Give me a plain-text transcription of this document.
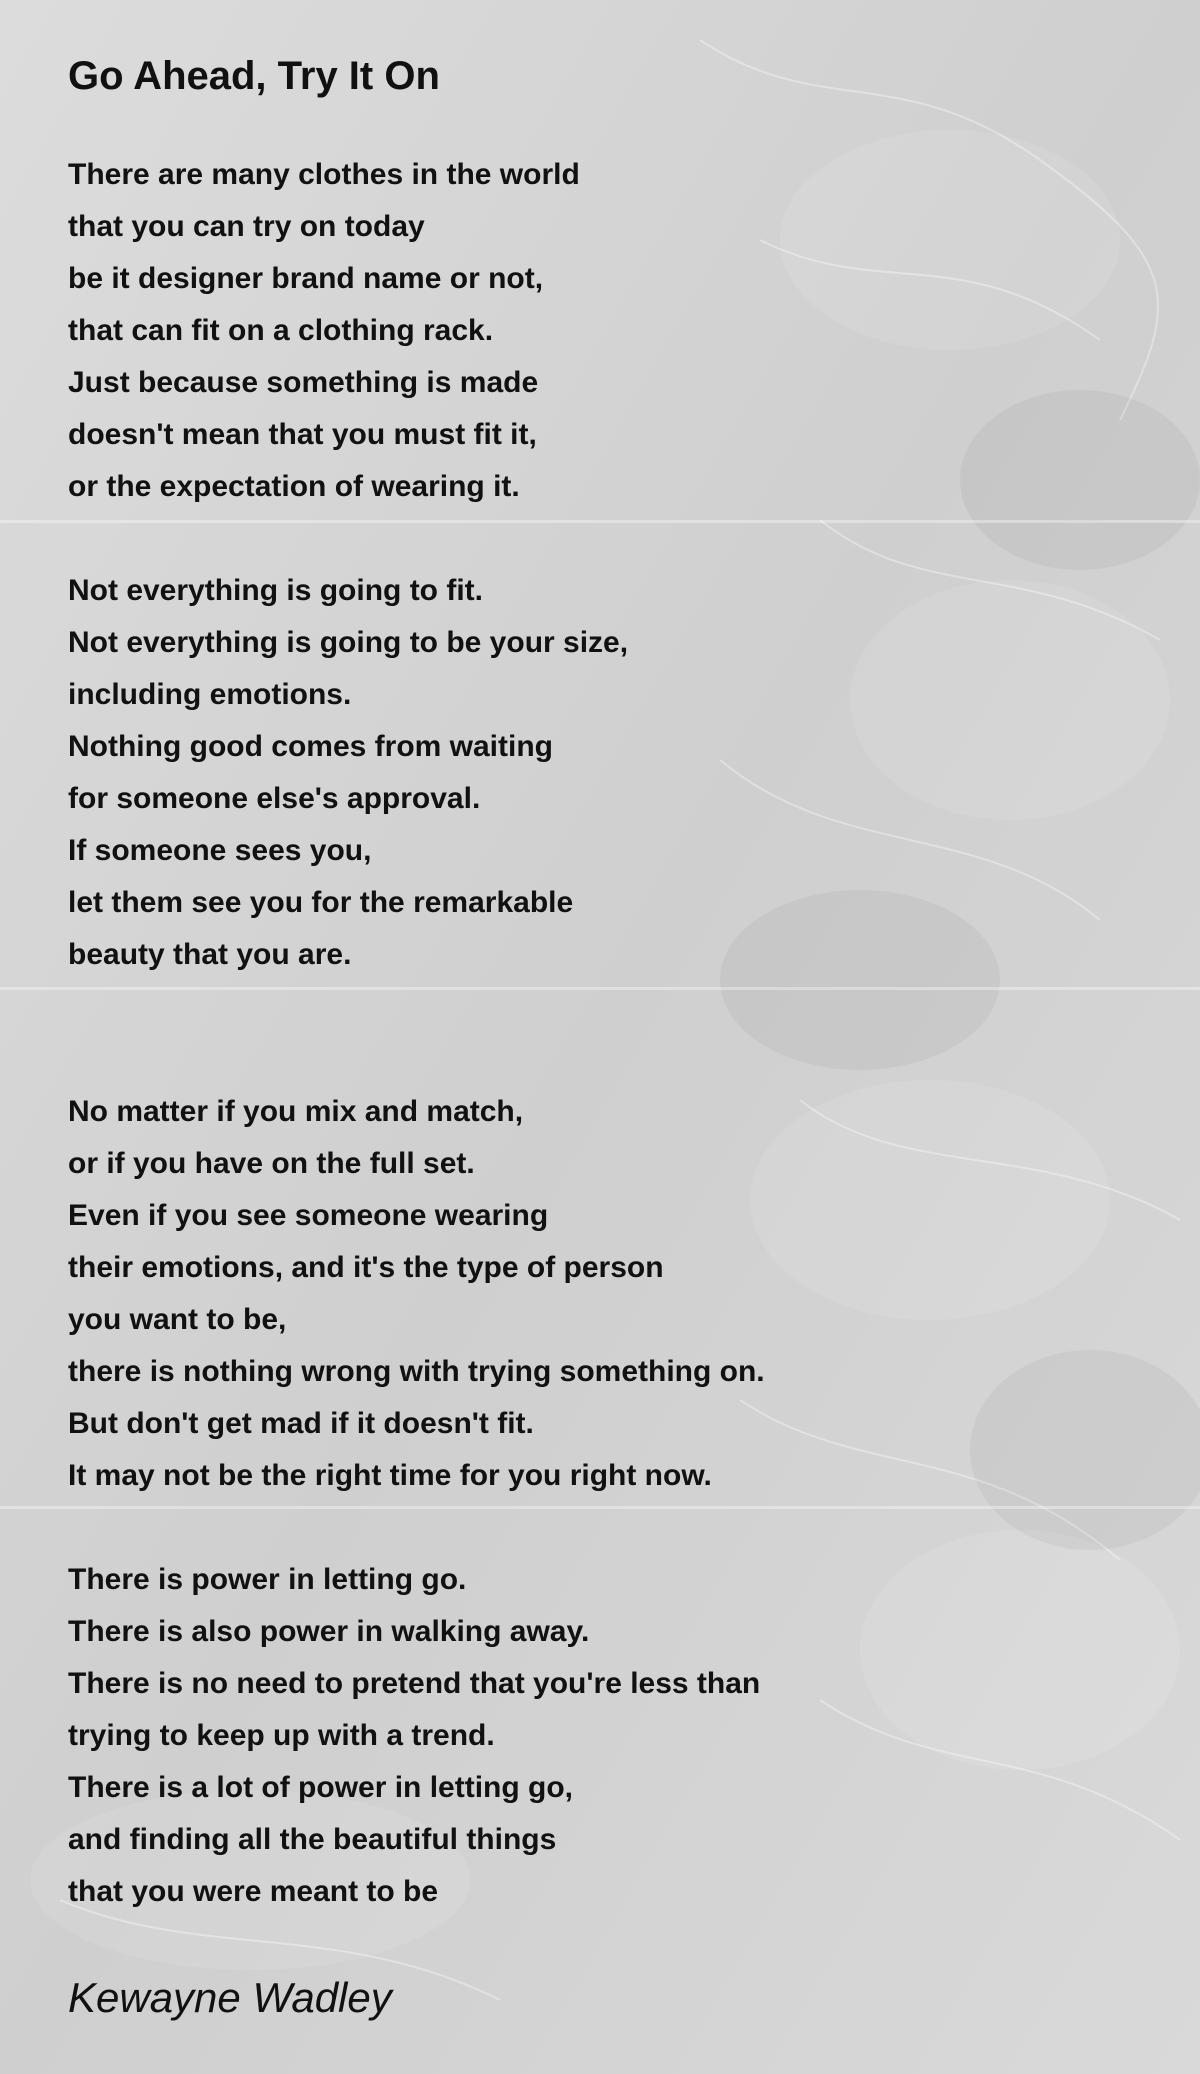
Go Ahead, Try It On
There are many clothes in the world
that you can try on today
be it designer brand name or not,
that can fit on a clothing rack.
Just because something is made
doesn't mean that you must fit it,
or the expectation of wearing it.
Not everything is going to fit.
Not everything is going to be your size,
including emotions.
Nothing good comes from waiting
for someone else's approval.
If someone sees you,
let them see you for the remarkable
beauty that you are.
No matter if you mix and match,
or if you have on the full set.
Even if you see someone wearing
their emotions, and it's the type of person
you want to be,
there is nothing wrong with trying something on.
But don't get mad if it doesn't fit.
It may not be the right time for you right now.
There is power in letting go.
There is also power in walking away.
There is no need to pretend that you're less than
trying to keep up with a trend.
There is a lot of power in letting go,
and finding all the beautiful things
that you were meant to be

Kewayne Wadley
